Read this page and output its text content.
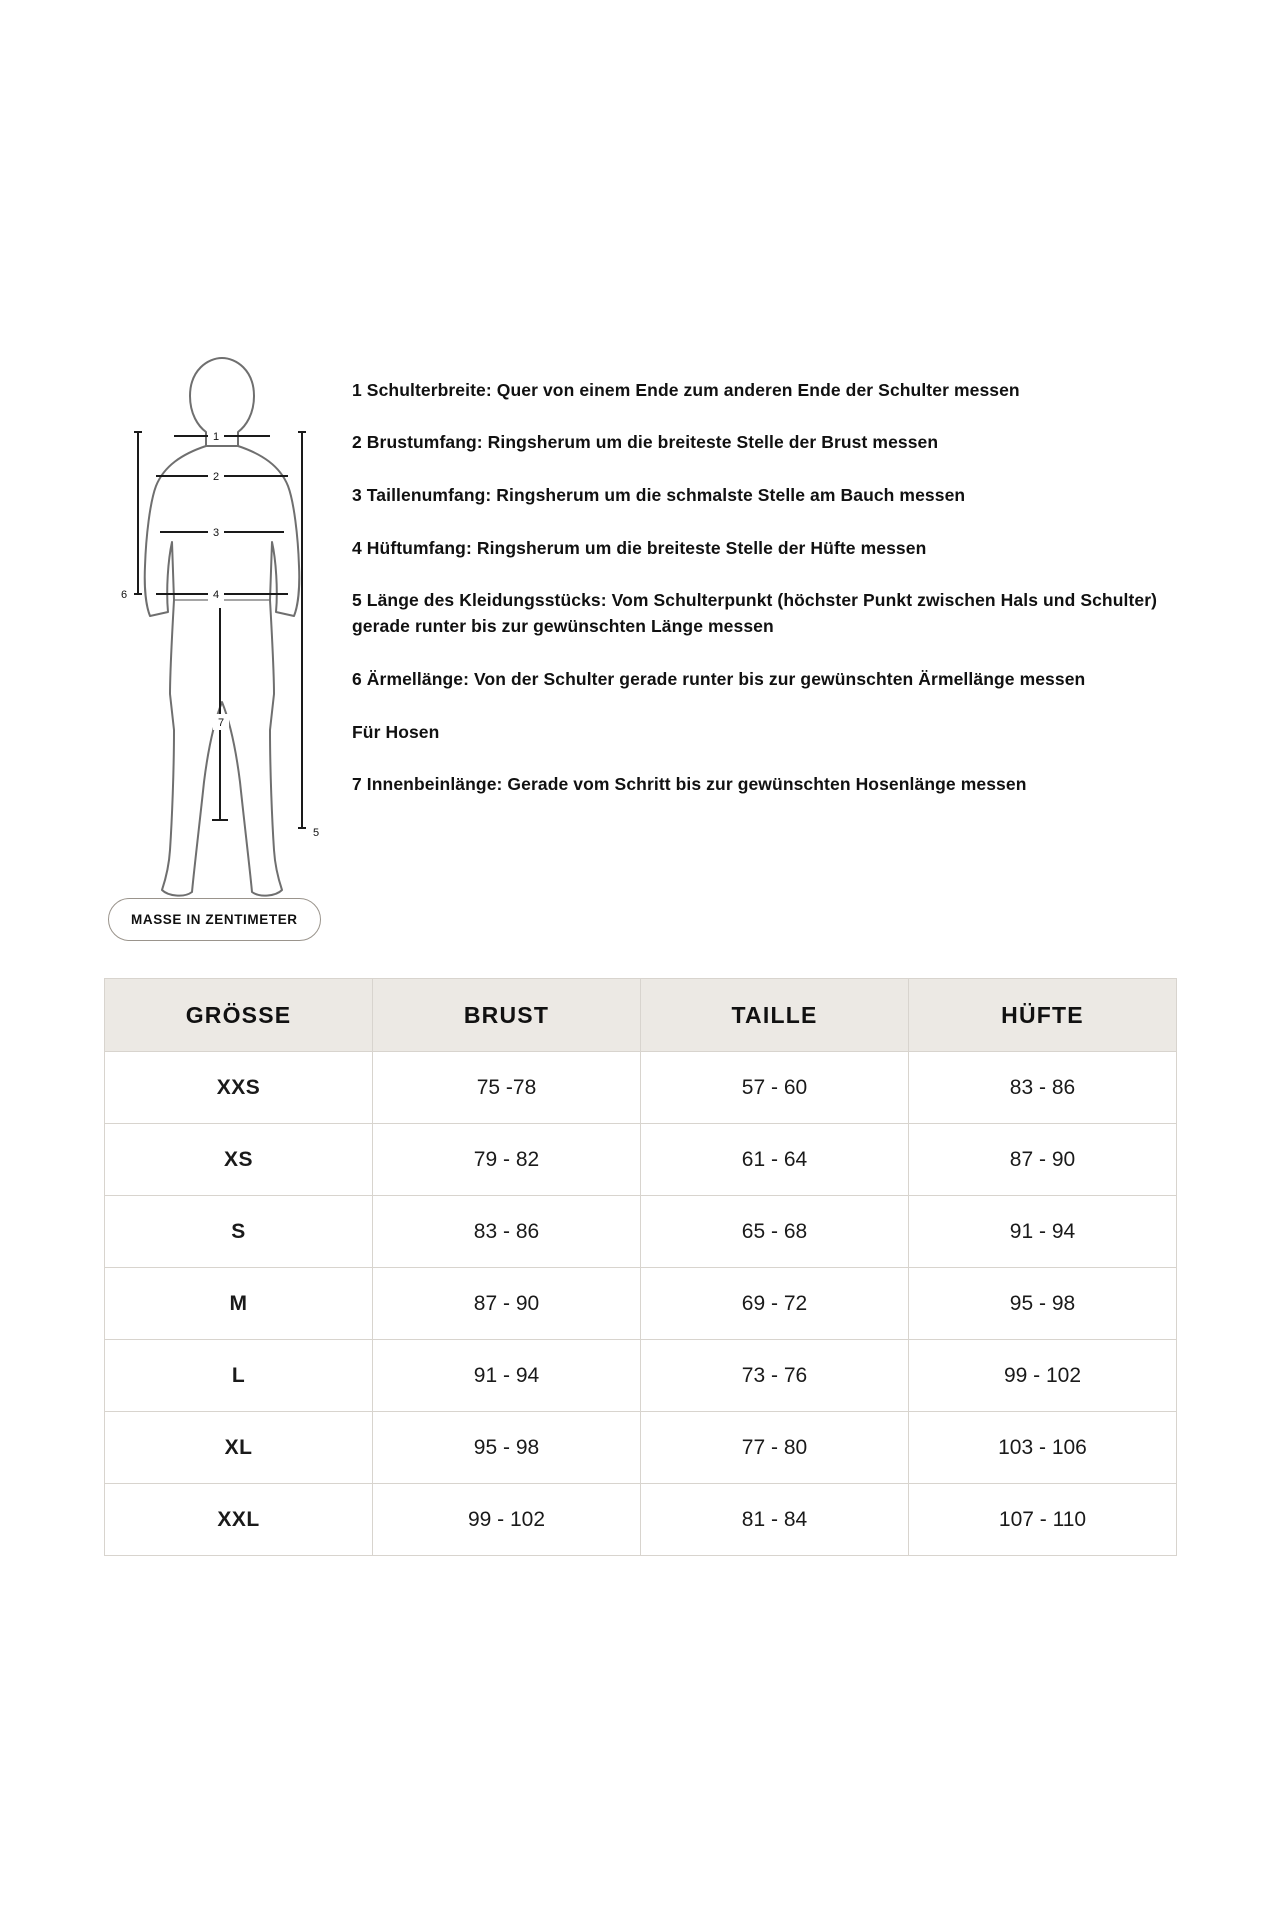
1
2
3
4
5
6
7

1 Schulterbreite: Quer von einem Ende zum anderen Ende der Schulter messen

2 Brustumfang: Ringsherum um die breiteste Stelle der Brust messen

3 Taillenumfang: Ringsherum um die schmalste Stelle am Bauch messen

4 Hüftumfang: Ringsherum um die breiteste Stelle der Hüfte messen

5 Länge des Kleidungsstücks: Vom Schulterpunkt (höchster Punkt zwischen Hals und Schulter) gerade runter bis zur gewünschten Länge messen

6 Ärmellänge: Von der Schulter gerade runter bis zur gewünschten Ärmellänge messen

Für Hosen

7 Innenbeinlänge: Gerade vom Schritt bis zur gewünschten Hosenlänge messen

MASSE IN ZENTIMETER
GRÖSSE	BRUST	TAILLE	HÜFTE
XXS	75 -78	57 - 60	83 - 86
XS	79 - 82	61 - 64	87 - 90
S	83 - 86	65 - 68	91 - 94
M	87 - 90	69 - 72	95 - 98
L	91 - 94	73 - 76	99 - 102
XL	95 - 98	77 - 80	103 - 106
XXL	99 - 102	81 - 84	107 - 110
